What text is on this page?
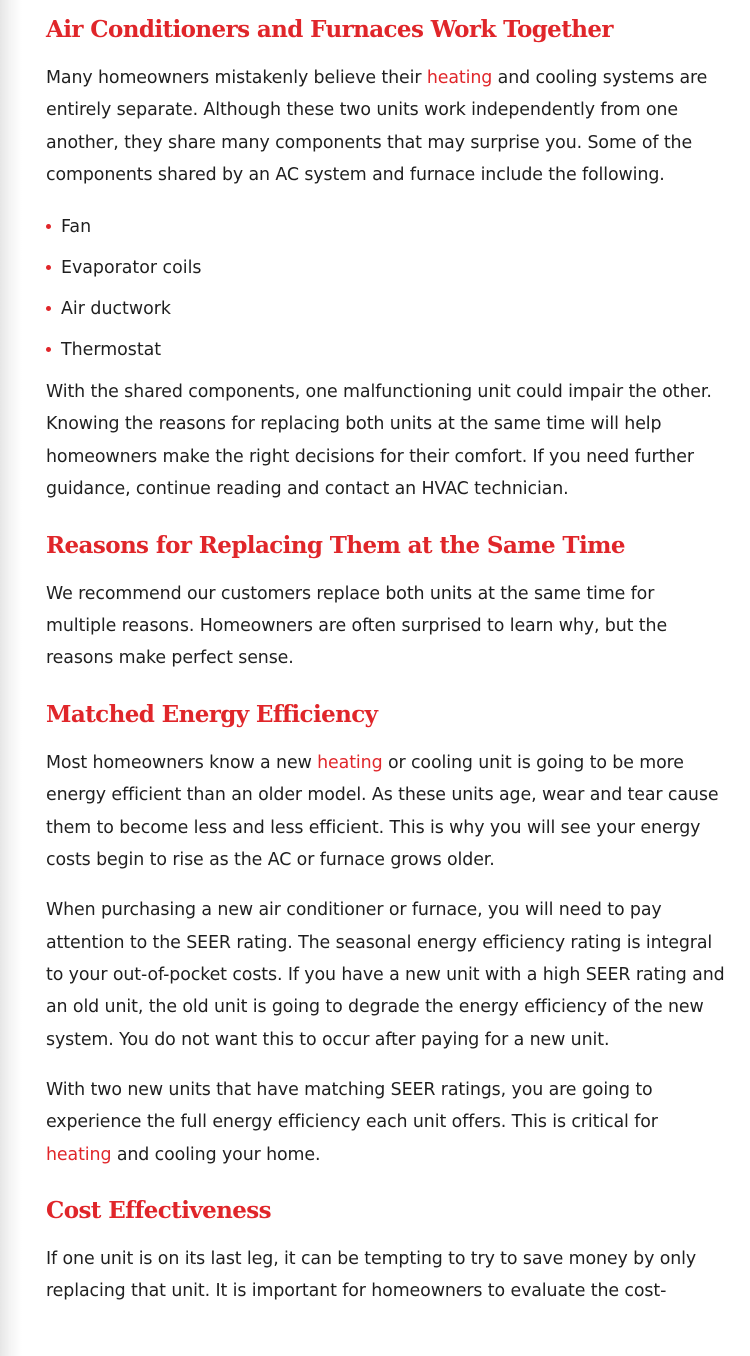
Air Conditioners and Furnaces Work Together

Many homeowners mistakenly believe their heating and cooling systems are entirely separate. Although these two units work independently from one another, they share many components that may surprise you. Some of the components shared by an AC system and furnace include the following.

Fan
Evaporator coils
Air ductwork
Thermostat

With the shared components, one malfunctioning unit could impair the other. Knowing the reasons for replacing both units at the same time will help homeowners make the right decisions for their comfort. If you need further guidance, continue reading and contact an HVAC technician.

Reasons for Replacing Them at the Same Time

We recommend our customers replace both units at the same time for multiple reasons. Homeowners are often surprised to learn why, but the reasons make perfect sense.

Matched Energy Efficiency

Most homeowners know a new heating or cooling unit is going to be more energy efficient than an older model. As these units age, wear and tear cause them to become less and less efficient. This is why you will see your energy costs begin to rise as the AC or furnace grows older.

When purchasing a new air conditioner or furnace, you will need to pay attention to the SEER rating. The seasonal energy efficiency rating is integral to your out-of-pocket costs. If you have a new unit with a high SEER rating and an old unit, the old unit is going to degrade the energy efficiency of the new system. You do not want this to occur after paying for a new unit.

With two new units that have matching SEER ratings, you are going to experience the full energy efficiency each unit offers. This is critical for heating and cooling your home.

Cost Effectiveness

If one unit is on its last leg, it can be tempting to try to save money by only replacing that unit. It is important for homeowners to evaluate the cost-
